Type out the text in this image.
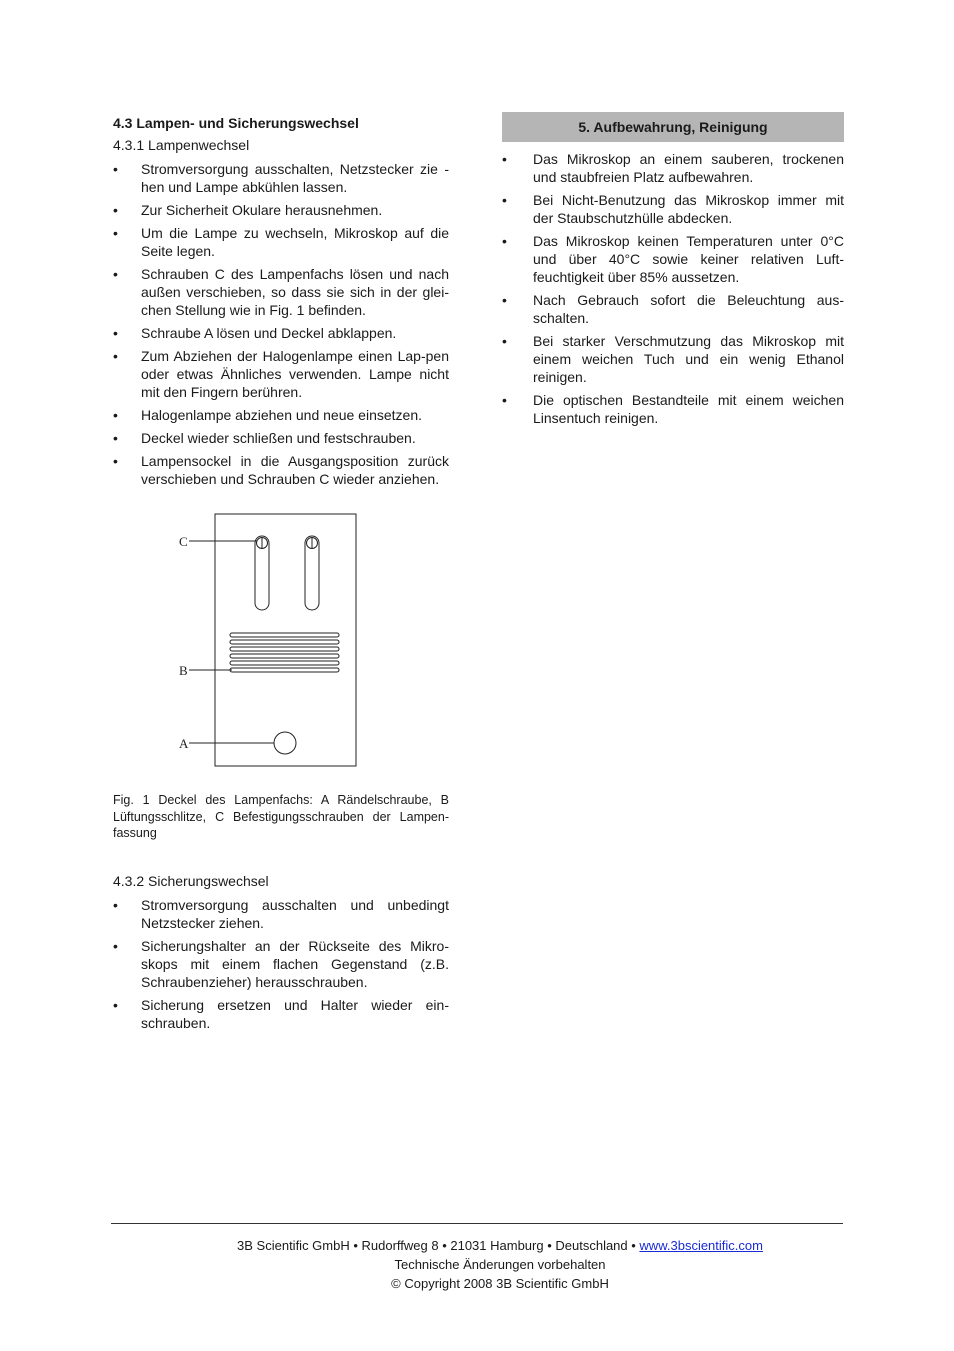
4.3 Lampen- und Sicherungswechsel
4.3.1 Lampenwechsel
• Stromversorgung ausschalten, Netzstecker zie - hen und Lampe abkühlen lassen.
• Zur Sicherheit Okulare herausnehmen.
• Um die Lampe zu wechseln, Mikroskop auf die Seite legen.
• Schrauben C des Lampenfachs lösen und nach außen verschieben, so dass sie sich in der glei-chen Stellung wie in Fig. 1 befinden.
• Schraube A lösen und Deckel abklappen.
• Zum Abziehen der Halogenlampe einen Lap-pen oder etwas Ähnliches verwenden. Lampe nicht mit den Fingern berühren.
• Halogenlampe abziehen und neue einsetzen.
• Deckel wieder schließen und festschrauben.
• Lampensockel in die Ausgangsposition zurück verschieben und Schrauben C wieder anziehen.
C
B
A
Fig. 1 Deckel des Lampenfachs: A Rändelschraube, B Lüftungsschlitze, C Befestigungsschrauben der Lampen-fassung
4.3.2 Sicherungswechsel
• Stromversorgung ausschalten und unbedingt Netzstecker ziehen.
• Sicherungshalter an der Rückseite des Mikro-skops mit einem flachen Gegenstand (z.B. Schraubenzieher) herausschrauben.
• Sicherung ersetzen und Halter wieder ein-schrauben.
5. Aufbewahrung, Reinigung
• Das Mikroskop an einem sauberen, trockenen und staubfreien Platz aufbewahren.
• Bei Nicht-Benutzung das Mikroskop immer mit der Staubschutzhülle abdecken.
• Das Mikroskop keinen Temperaturen unter 0°C und über 40°C sowie keiner relativen Luft-feuchtigkeit über 85% aussetzen.
• Nach Gebrauch sofort die Beleuchtung aus-schalten.
• Bei starker Verschmutzung das Mikroskop mit einem weichen Tuch und ein wenig Ethanol reinigen.
• Die optischen Bestandteile mit einem weichen Linsentuch reinigen.
3B Scientific GmbH • Rudorffweg 8 • 21031 Hamburg • Deutschland • www.3bscientific.com
Technische Änderungen vorbehalten
© Copyright 2008 3B Scientific GmbH
